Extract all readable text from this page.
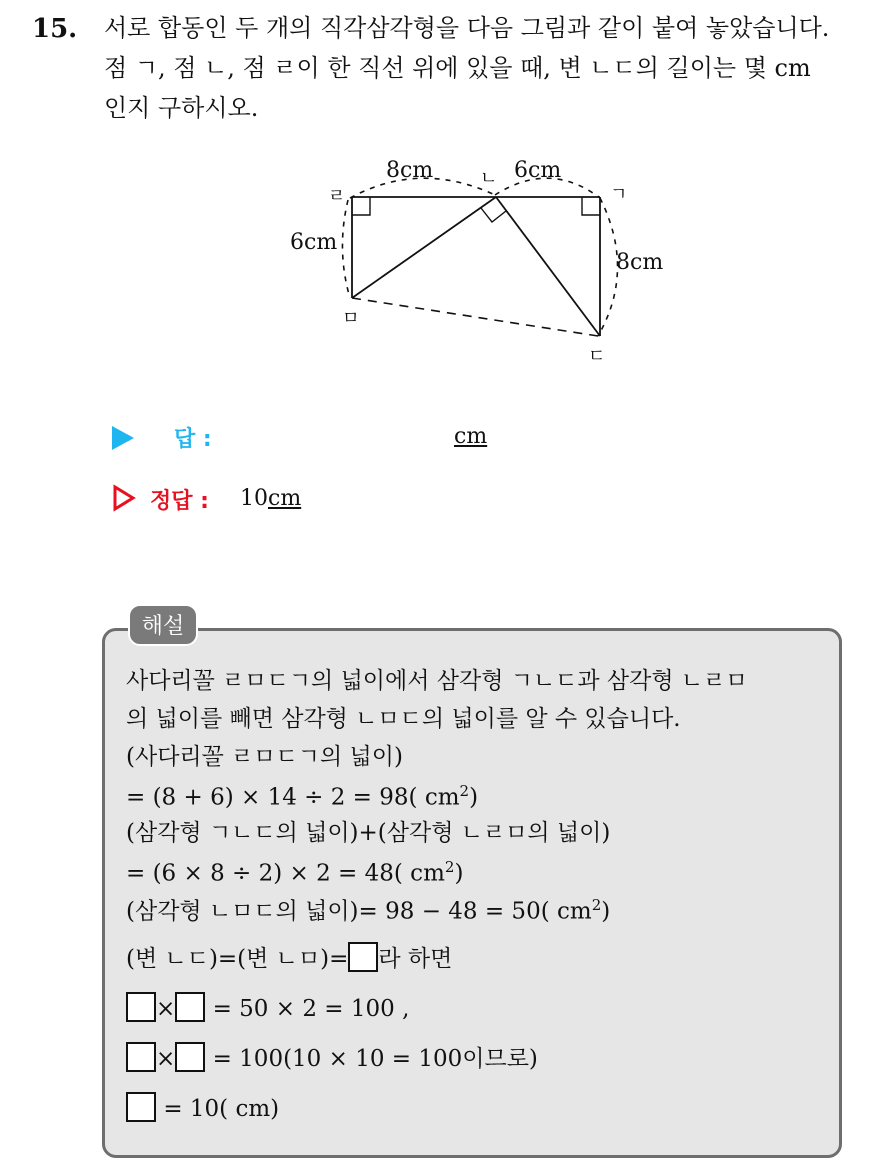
15. 서로 합동인 두 개의 직각삼각형을 다음 그림과 같이 붙여 놓았습니다.
점 ㄱ, 점 ㄴ, 점 ㄹ이 한 직선 위에 있을 때, 변 ㄴㄷ의 길이는 몇 cm
인지 구하시오.
8cm	6cm
6cm
8cm
ㄹ
ㄴ
ㄱ
ㅁ
ㄷ
답 :	cm
정답 : 10cm
해설
사다리꼴 ㄹㅁㄷㄱ의 넓이에서 삼각형 ㄱㄴㄷ과 삼각형 ㄴㄹㅁ
의 넓이를 빼면 삼각형 ㄴㅁㄷ의 넓이를 알 수 있습니다.
(사다리꼴 ㄹㅁㄷㄱ의 넓이)
= (8 + 6) × 14 ÷ 2 = 98( $cm^2$)
(삼각형 ㄱㄴㄷ의 넓이)+(삼각형 ㄴㄹㅁ의 넓이)
= (6 × 8 ÷ 2) × 2 = 48( $cm^2$)
(삼각형 ㄴㅁㄷ의 넓이)= 98 − 48 = 50( $cm^2$)
(변 ㄴㄷ)=(변 ㄴㅁ)= 라 하면
× = 50 × 2 = 100 ,
× = 100(10 × 10 = 100이므로)
= 10( cm)
